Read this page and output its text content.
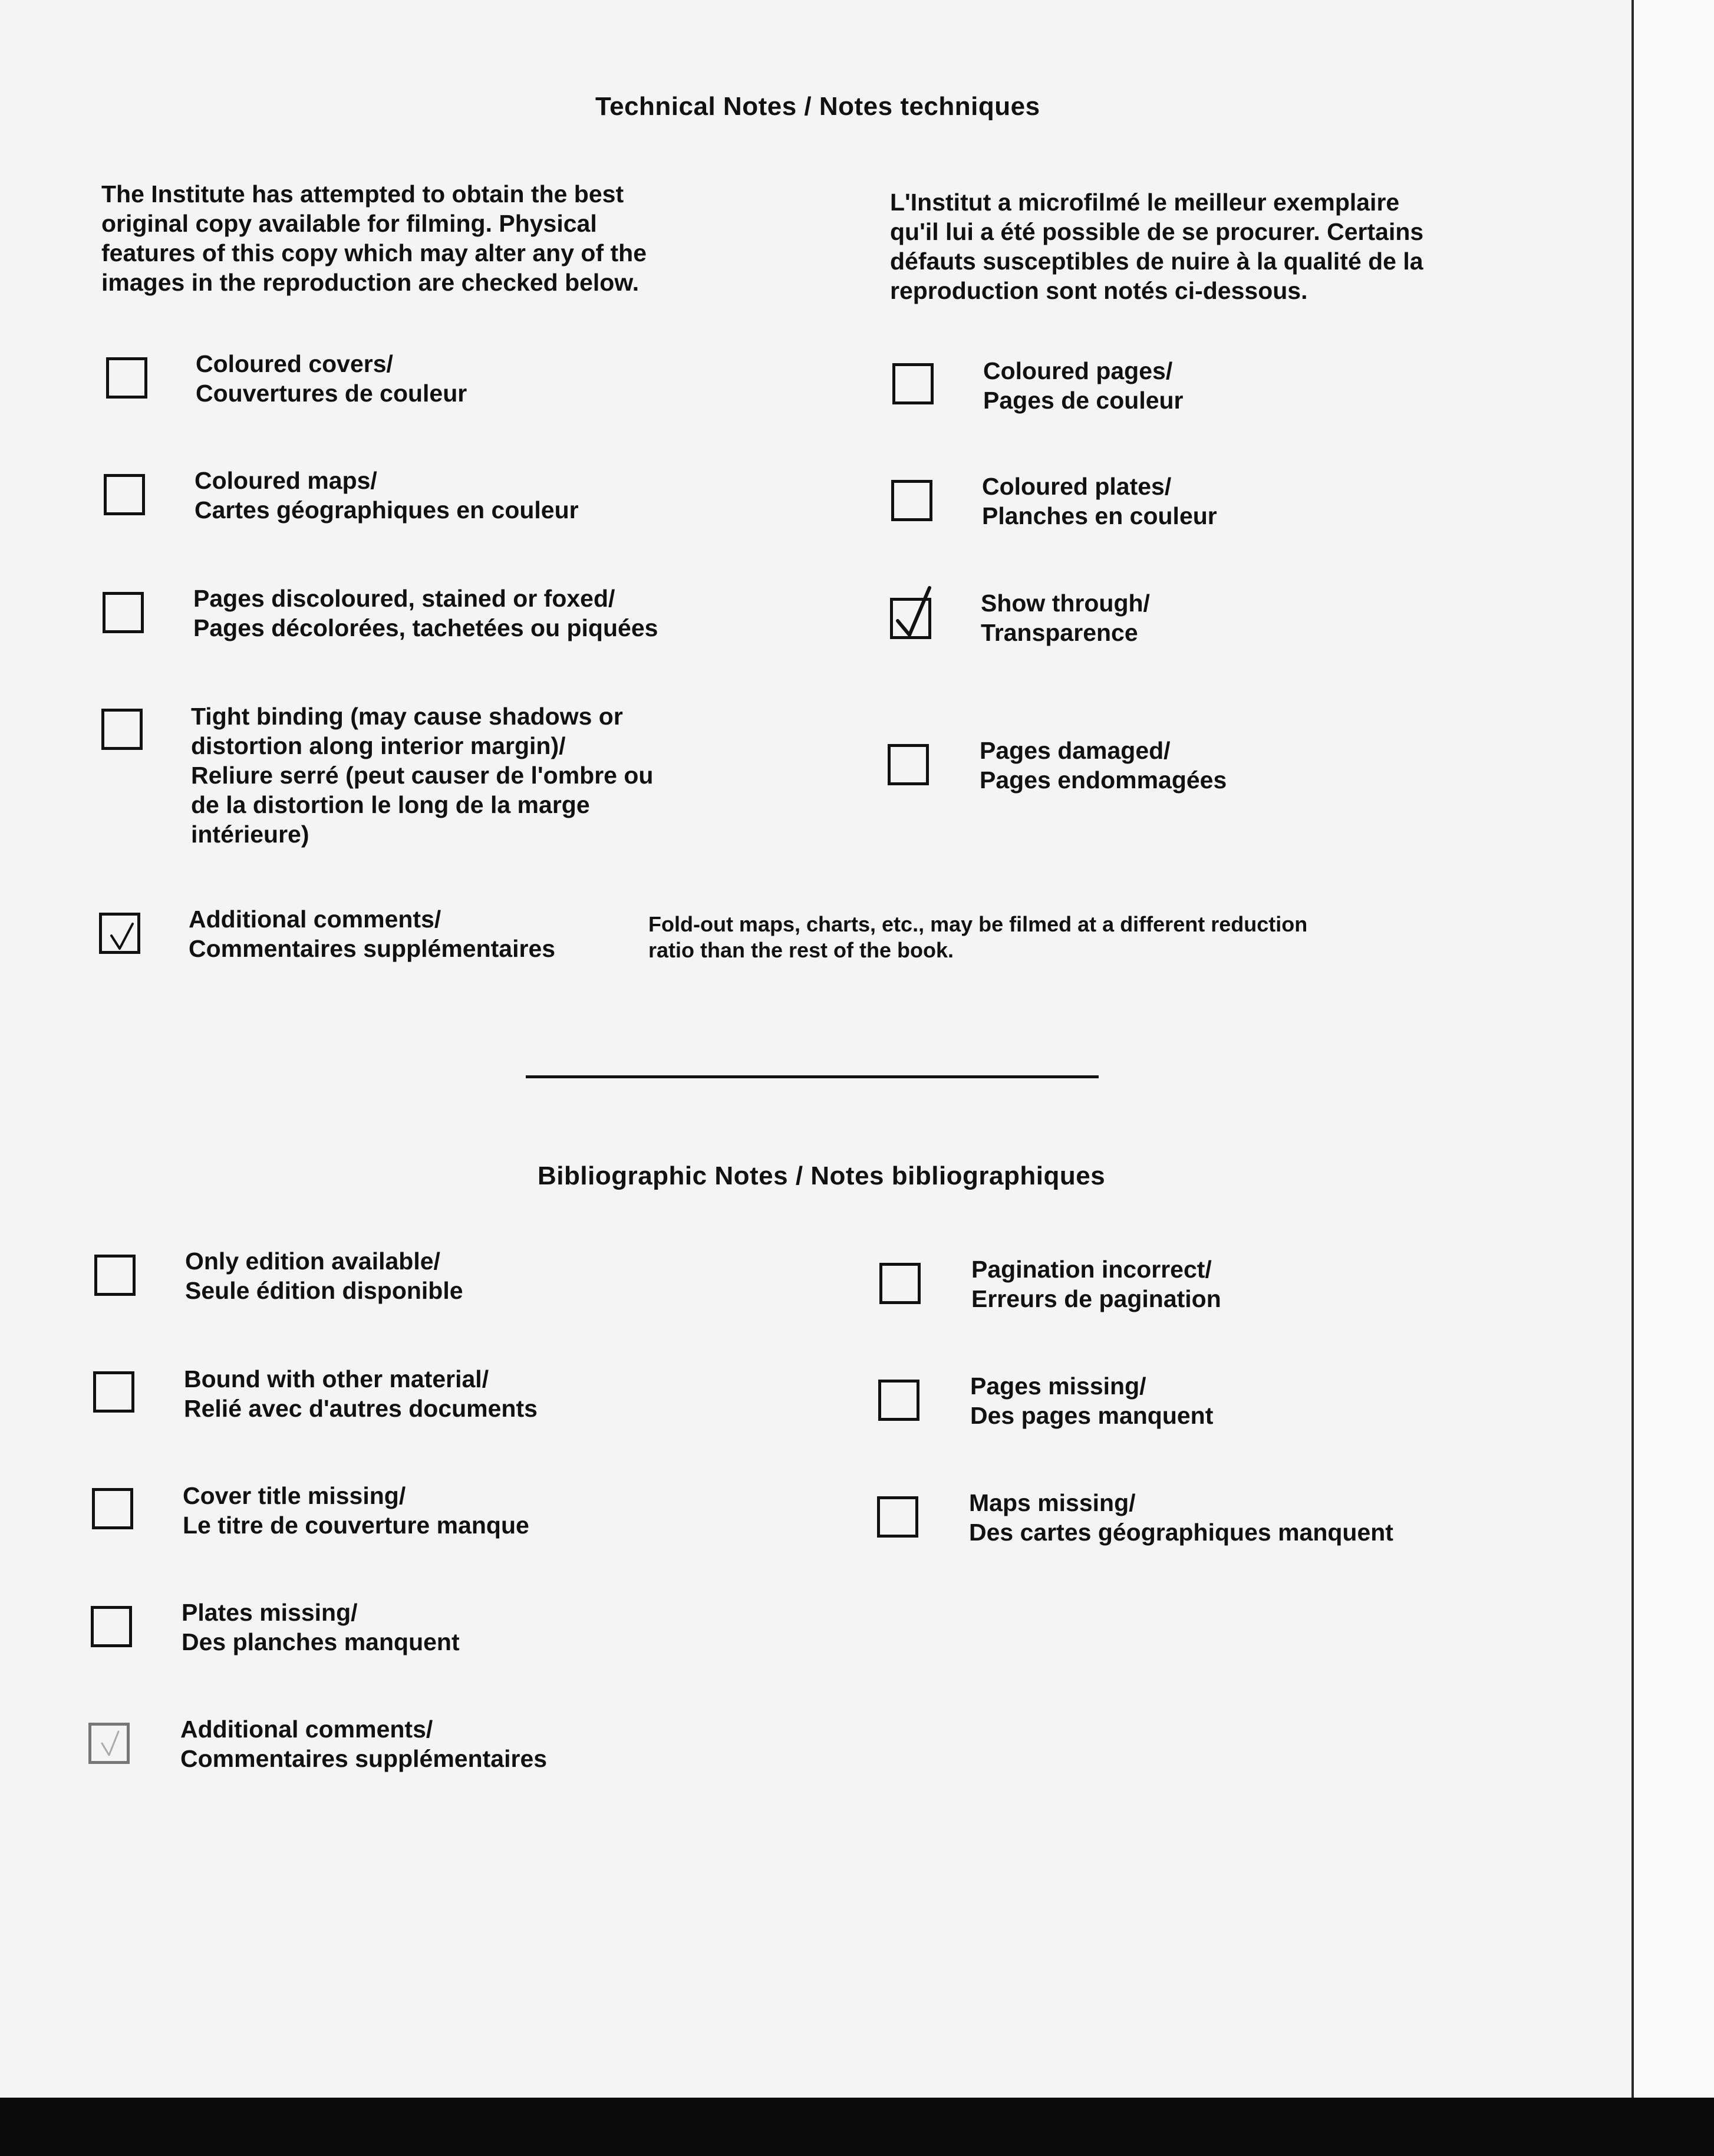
Technical Notes / Notes techniques
The Institute has attempted to obtain the best
original copy available for filming. Physical
features of this copy which may alter any of the
images in the reproduction are checked below.
L'Institut a microfilmé le meilleur exemplaire
qu'il lui a été possible de se procurer. Certains
défauts susceptibles de nuire à la qualité de la
reproduction sont notés ci-dessous.
Coloured covers/
Couvertures de couleur
Coloured maps/
Cartes géographiques en couleur
Pages discoloured, stained or foxed/
Pages décolorées, tachetées ou piquées
Tight binding (may cause shadows or
distortion along interior margin)/
Reliure serré (peut causer de l'ombre ou
de la distortion le long de la marge
intérieure)
Additional comments/
Commentaires supplémentaires
Fold-out maps, charts, etc., may be filmed at a different reduction
ratio than the rest of the book.
Coloured pages/
Pages de couleur
Coloured plates/
Planches en couleur
Show through/
Transparence
Pages damaged/
Pages endommagées
Bibliographic Notes / Notes bibliographiques
Only edition available/
Seule édition disponible
Bound with other material/
Relié avec d'autres documents
Cover title missing/
Le titre de couverture manque
Plates missing/
Des planches manquent
Additional comments/
Commentaires supplémentaires
Pagination incorrect/
Erreurs de pagination
Pages missing/
Des pages manquent
Maps missing/
Des cartes géographiques manquent
